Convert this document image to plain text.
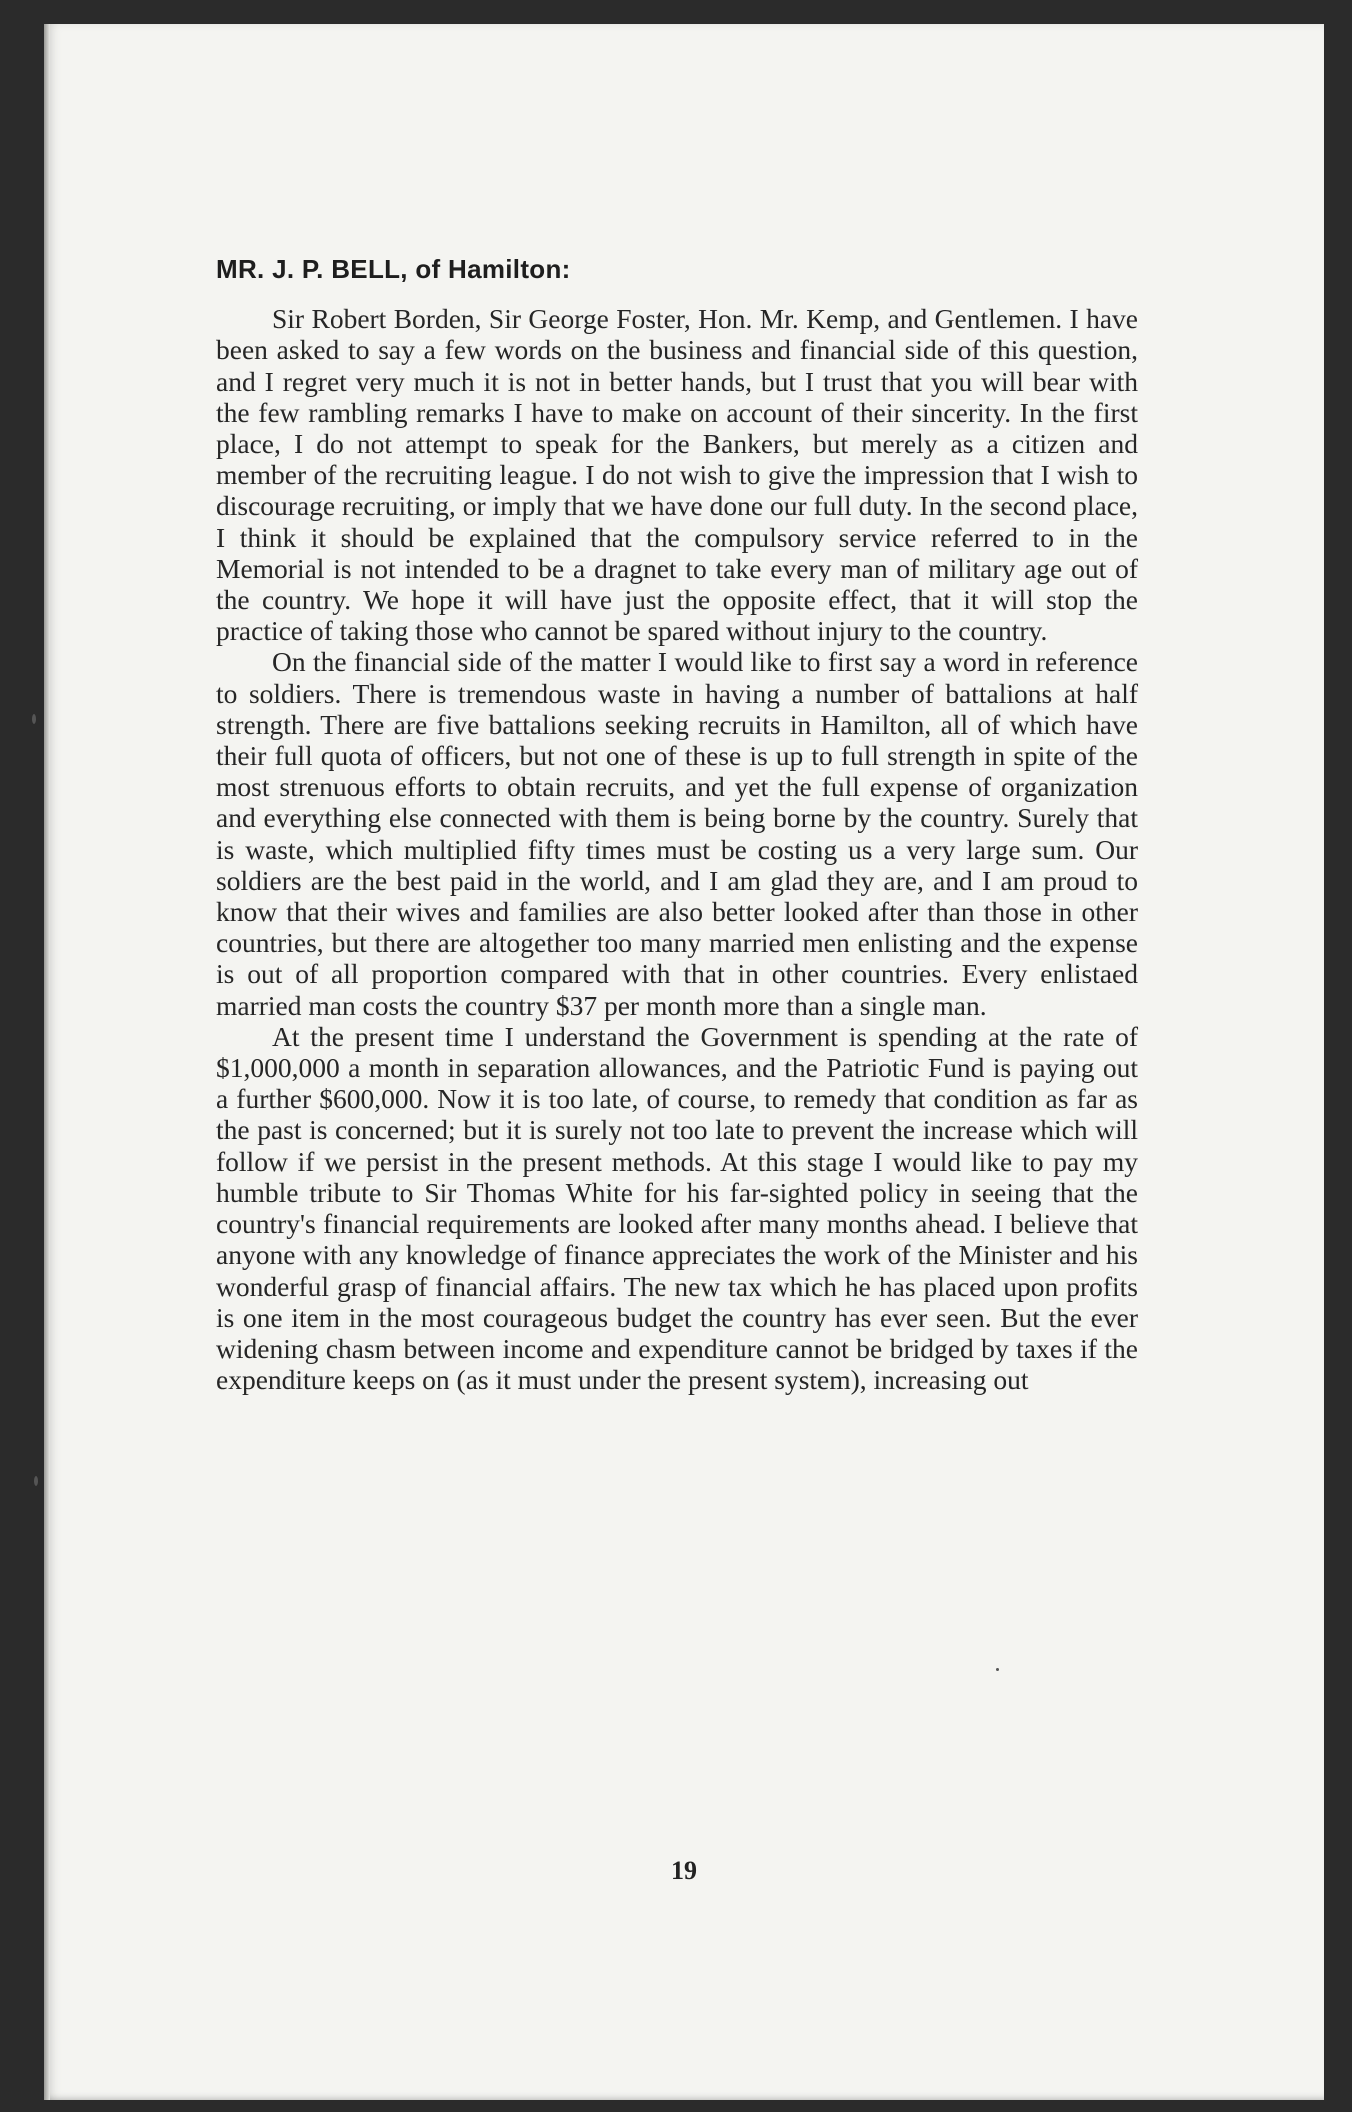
MR. J. P. BELL, of Hamilton:

Sir Robert Borden, Sir George Foster, Hon. Mr. Kemp, and Gentlemen. I have been asked to say a few words on the business and financial side of this question, and I regret very much it is not in better hands, but I trust that you will bear with the few rambling remarks I have to make on account of their sincerity. In the first place, I do not attempt to speak for the Bankers, but merely as a citizen and member of the recruiting league. I do not wish to give the impression that I wish to discourage recruiting, or imply that we have done our full duty. In the second place, I think it should be explained that the compulsory service referred to in the Memorial is not intended to be a dragnet to take every man of military age out of the country. We hope it will have just the opposite effect, that it will stop the practice of taking those who cannot be spared without injury to the country.

On the financial side of the matter I would like to first say a word in reference to soldiers. There is tremendous waste in having a number of battalions at half strength. There are five battalions seeking recruits in Hamilton, all of which have their full quota of officers, but not one of these is up to full strength in spite of the most strenuous efforts to obtain recruits, and yet the full expense of organization and everything else connected with them is being borne by the country. Surely that is waste, which multiplied fifty times must be costing us a very large sum. Our soldiers are the best paid in the world, and I am glad they are, and I am proud to know that their wives and families are also better looked after than those in other countries, but there are altogether too many married men enlisting and the expense is out of all proportion compared with that in other countries. Every enlistaed married man costs the country $37 per month more than a single man.

At the present time I understand the Government is spending at the rate of $1,000,000 a month in separation allowances, and the Patriotic Fund is paying out a further $600,000. Now it is too late, of course, to remedy that condition as far as the past is concerned; but it is surely not too late to prevent the increase which will follow if we persist in the present methods. At this stage I would like to pay my humble tribute to Sir Thomas White for his far-sighted policy in seeing that the country's financial requirements are looked after many months ahead. I believe that anyone with any knowledge of finance appreciates the work of the Minister and his wonderful grasp of financial affairs. The new tax which he has placed upon profits is one item in the most courageous budget the country has ever seen. But the ever widening chasm between income and expenditure cannot be bridged by taxes if the expenditure keeps on (as it must under the present system), increasing out

19
